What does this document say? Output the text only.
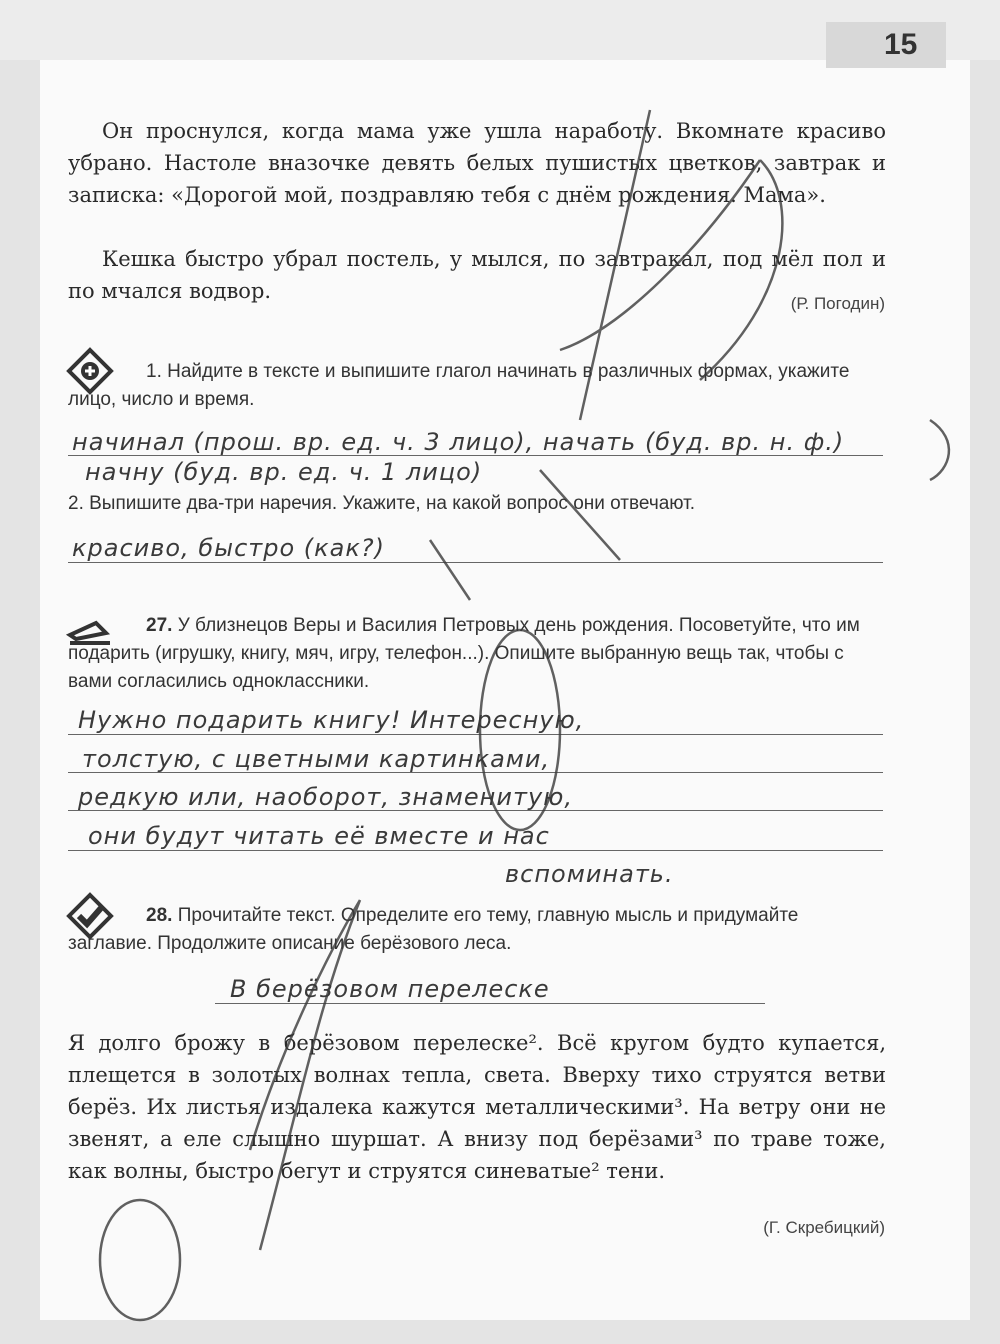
15
Он проснулся, когда мама уже ушла наработу. Вкомнате красиво убрано. Настоле вназочке девять белых пушистых цветков, завтрак и записка: «Дорогой мой, поздравляю тебя с днём рождения. Мама».
Кешка быстро убрал постель, у мылся, по завтракал, под мёл пол и по мчался водвор.
(Р. Погодин)
1. Найдите в тексте и выпишите глагол начинать в различных формах, укажите лицо, число и время.
начинал (прош. вр. ед. ч. 3 лицо), начать (буд. вр. н. ф.)
начну (буд. вр. ед. ч. 1 лицо)
2. Выпишите два-три наречия. Укажите, на какой вопрос они отвечают.
красиво, быстро (как?)
27. У близнецов Веры и Василия Петровых день рождения. Посоветуйте, что им подарить (игрушку, книгу, мяч, игру, телефон...). Опишите выбранную вещь так, чтобы с вами согласились одноклассники.
Нужно подарить книгу! Интересную,
толстую, с цветными картинками,
редкую или, наоборот, знаменитую,
они будут читать её вместе и нас
вспоминать.
28. Прочитайте текст. Определите его тему, главную мысль и придумайте заглавие. Продолжите описание берёзового леса.
В берёзовом перелеске
Я долго брожу в берёзовом перелеске². Всё кругом будто купается, плещется в золотых волнах тепла, света. Вверху тихо струятся ветви берёз. Их листья издалека кажутся металлическими³. На ветру они не звенят, а еле слышно шуршат. А внизу под берёзами³ по траве тоже, как волны, быстро бегут и струятся синеватые² тени.
(Г. Скребицкий)
